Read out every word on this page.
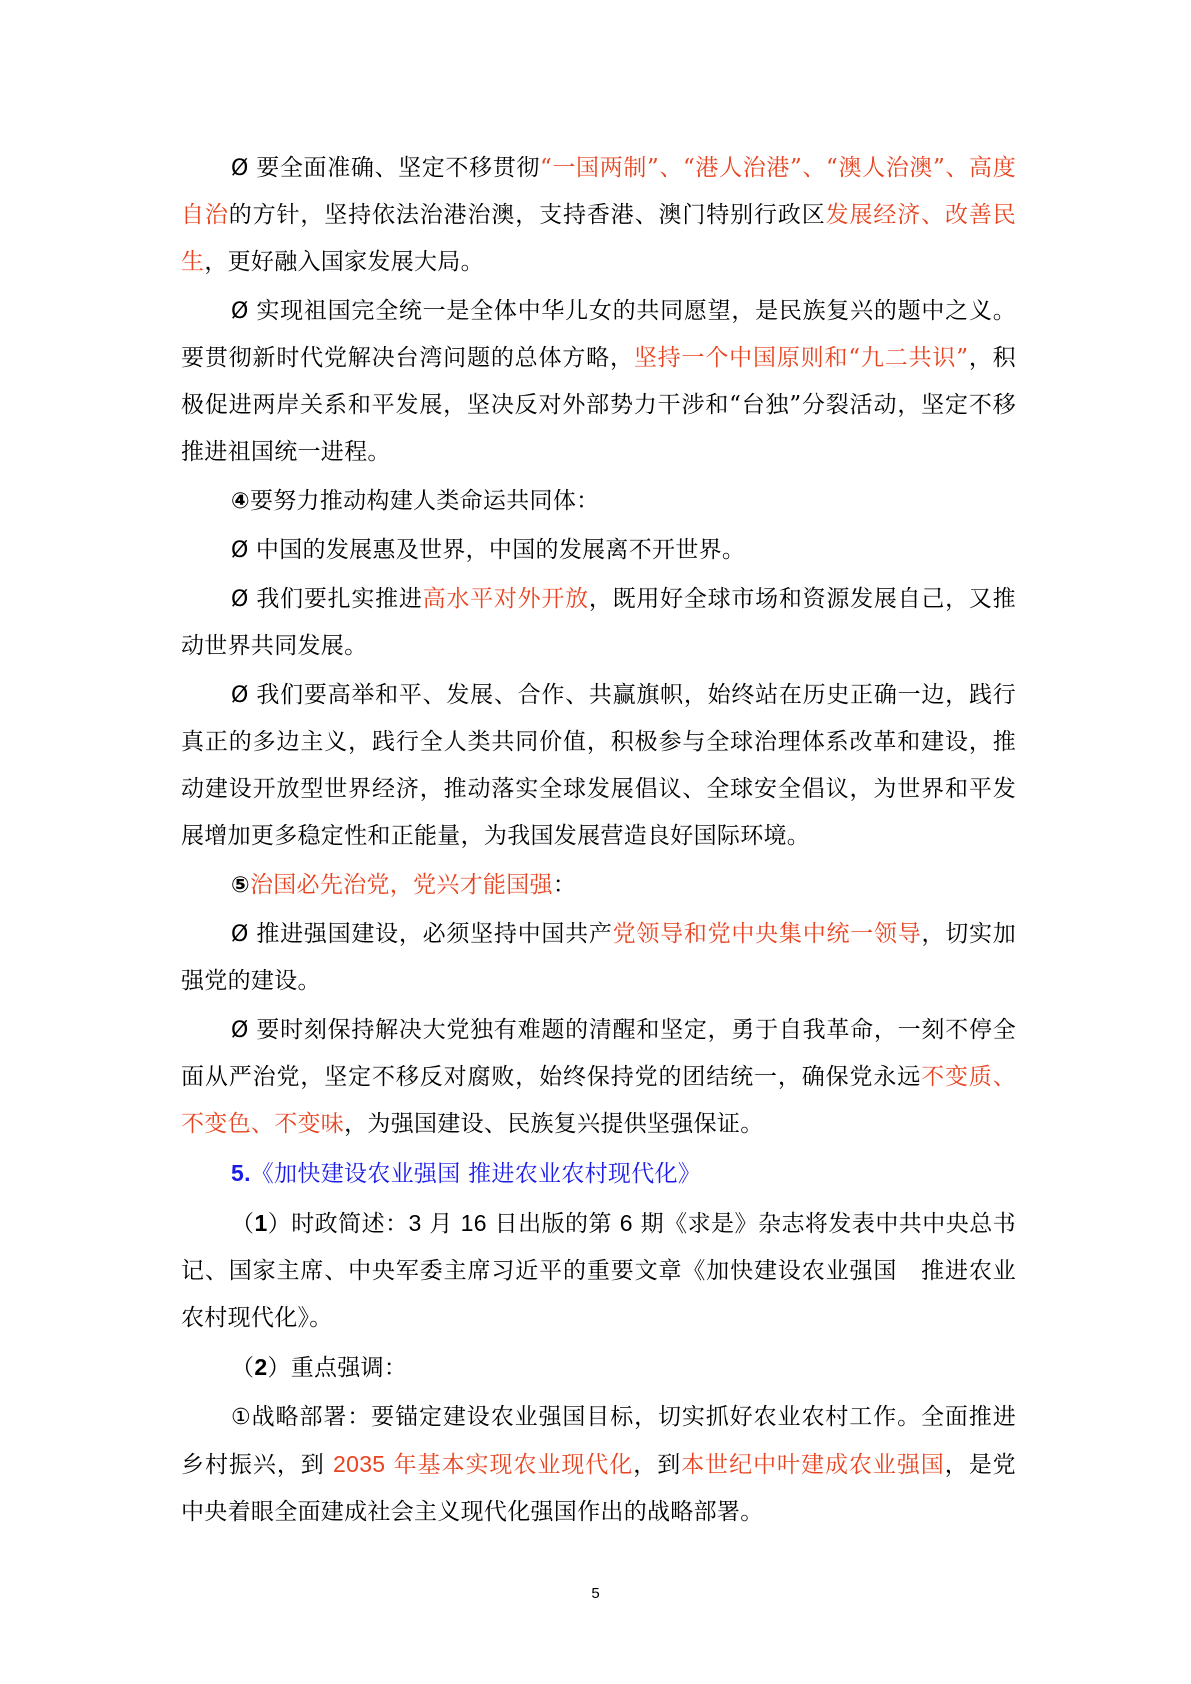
Ø 要全面准确、坚定不移贯彻“一国两制”、“港人治港”、“澳人治澳”、高度自治的方针，坚持依法治港治澳，支持香港、澳门特别行政区发展经济、改善民生，更好融入国家发展大局。

Ø 实现祖国完全统一是全体中华儿女的共同愿望，是民族复兴的题中之义。要贯彻新时代党解决台湾问题的总体方略，坚持一个中国原则和“九二共识”，积极促进两岸关系和平发展，坚决反对外部势力干涉和“台独”分裂活动，坚定不移推进祖国统一进程。

④要努力推动构建人类命运共同体：

Ø 中国的发展惠及世界，中国的发展离不开世界。

Ø 我们要扎实推进高水平对外开放，既用好全球市场和资源发展自己，又推动世界共同发展。

Ø 我们要高举和平、发展、合作、共赢旗帜，始终站在历史正确一边，践行真正的多边主义，践行全人类共同价值，积极参与全球治理体系改革和建设，推动建设开放型世界经济，推动落实全球发展倡议、全球安全倡议，为世界和平发展增加更多稳定性和正能量，为我国发展营造良好国际环境。

⑤治国必先治党，党兴才能国强：

Ø 推进强国建设，必须坚持中国共产党领导和党中央集中统一领导，切实加强党的建设。

Ø 要时刻保持解决大党独有难题的清醒和坚定，勇于自我革命，一刻不停全面从严治党，坚定不移反对腐败，始终保持党的团结统一，确保党永远不变质、不变色、不变味，为强国建设、民族复兴提供坚强保证。

5.《加快建设农业强国 推进农业农村现代化》

（1）时政简述：3 月 16 日出版的第 6 期《求是》杂志将发表中共中央总书记、国家主席、中央军委主席习近平的重要文章《加快建设农业强国　推进农业农村现代化》。

（2）重点强调：

①战略部署：要锚定建设农业强国目标，切实抓好农业农村工作。全面推进乡村振兴，到 2035 年基本实现农业现代化，到本世纪中叶建成农业强国，是党中央着眼全面建成社会主义现代化强国作出的战略部署。

5
